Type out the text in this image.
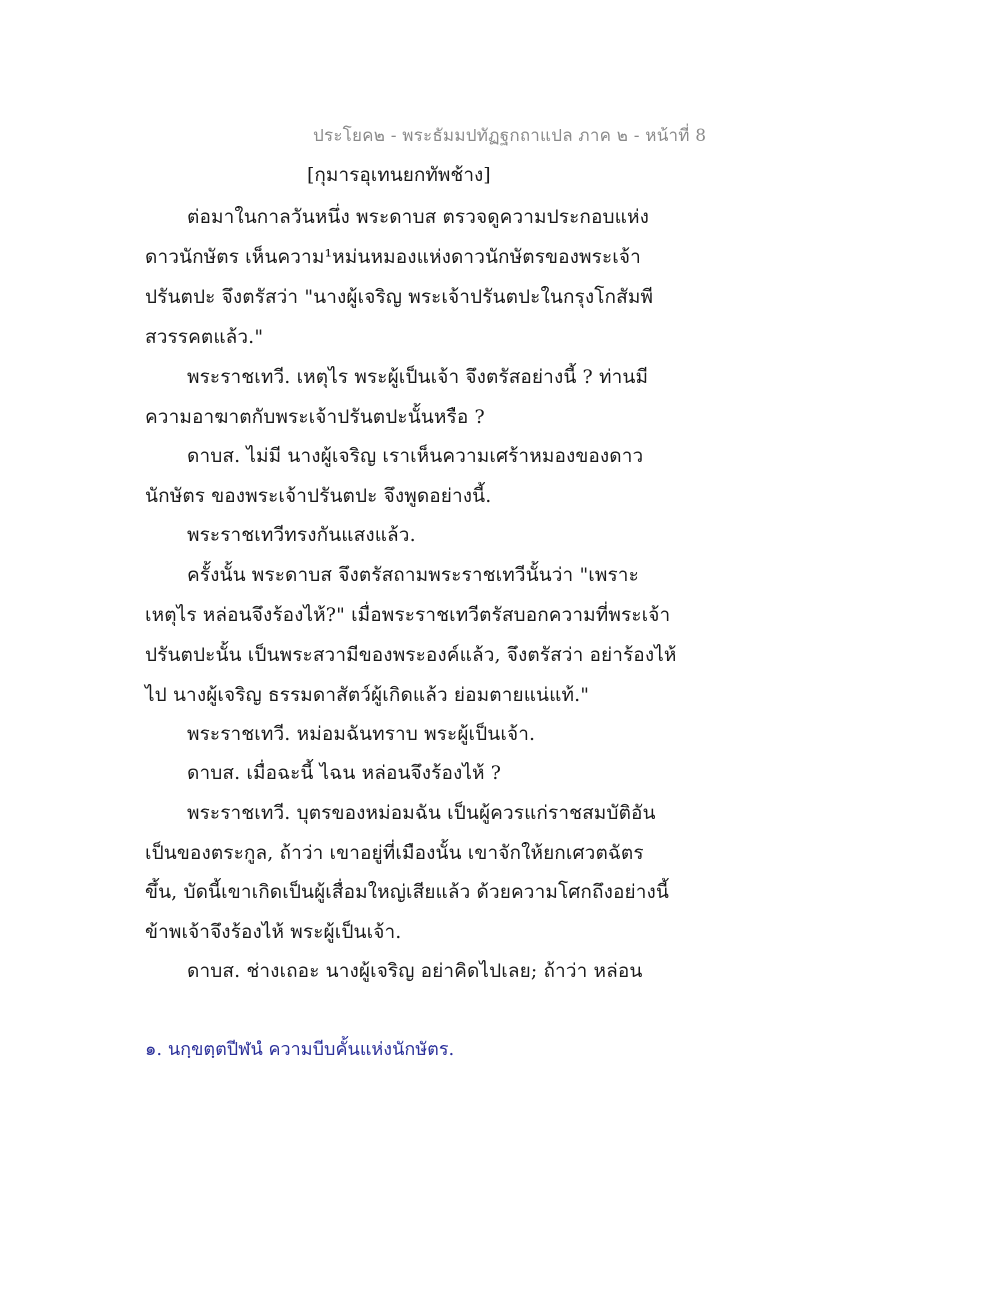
ประโยค๒ - พระธัมมปทัฏฐกถาแปล ภาค ๒ - หน้าที่ 8
[กุมารอุเทนยกทัพช้าง]
ต่อมาในกาลวันหนึ่ง พระดาบส ตรวจดูความประกอบแห่ง
ดาวนักษัตร เห็นความ¹หม่นหมองแห่งดาวนักษัตรของพระเจ้า
ปรันตปะ จึงตรัสว่า "นางผู้เจริญ พระเจ้าปรันตปะในกรุงโกสัมพี
สวรรคตแล้ว."
พระราชเทวี. เหตุไร พระผู้เป็นเจ้า จึงตรัสอย่างนี้ ? ท่านมี
ความอาฆาตกับพระเจ้าปรันตปะนั้นหรือ ?
ดาบส. ไม่มี นางผู้เจริญ เราเห็นความเศร้าหมองของดาว
นักษัตร ของพระเจ้าปรันตปะ จึงพูดอย่างนี้.
พระราชเทวีทรงกันแสงแล้ว.
ครั้งนั้น พระดาบส จึงตรัสถามพระราชเทวีนั้นว่า "เพราะ
เหตุไร หล่อนจึงร้องไห้?" เมื่อพระราชเทวีตรัสบอกความที่พระเจ้า
ปรันตปะนั้น เป็นพระสวามีของพระองค์แล้ว, จึงตรัสว่า อย่าร้องไห้
ไป นางผู้เจริญ ธรรมดาสัตว์ผู้เกิดแล้ว ย่อมตายแน่แท้."
พระราชเทวี. หม่อมฉันทราบ พระผู้เป็นเจ้า.
ดาบส. เมื่อฉะนี้ ไฉน หล่อนจึงร้องไห้ ?
พระราชเทวี. บุตรของหม่อมฉัน เป็นผู้ควรแก่ราชสมบัติอัน
เป็นของตระกูล, ถ้าว่า เขาอยู่ที่เมืองนั้น เขาจักให้ยกเศวตฉัตร
ขึ้น, บัดนี้เขาเกิดเป็นผู้เสื่อมใหญ่เสียแล้ว ด้วยความโศกถึงอย่างนี้
ข้าพเจ้าจึงร้องไห้ พระผู้เป็นเจ้า.
ดาบส. ช่างเถอะ นางผู้เจริญ อย่าคิดไปเลย; ถ้าว่า หล่อน
๑. นกฺขตฺตปีฬนํ ความบีบคั้นแห่งนักษัตร.
